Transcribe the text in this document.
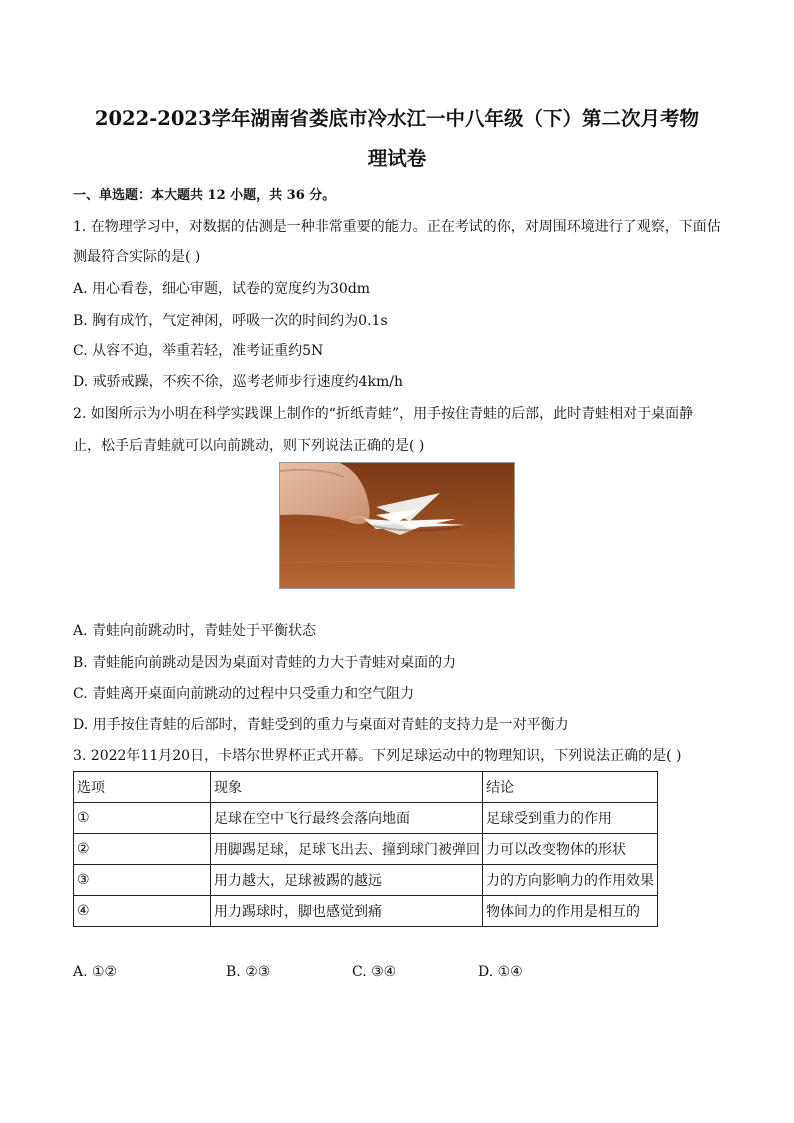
2022-2023学年湖南省娄底市冷水江一中八年级（下）第二次月考物
理试卷
一、单选题：本大题共 12 小题，共 36 分。
1. 在物理学习中，对数据的估测是一种非常重要的能力。正在考试的你，对周围环境进行了观察，下面估
测最符合实际的是( )
A. 用心看卷，细心审题，试卷的宽度约为30dm
B. 胸有成竹，气定神闲，呼吸一次的时间约为0.1s
C. 从容不迫，举重若轻，准考证重约5N
D. 戒骄戒躁，不疾不徐，巡考老师步行速度约4km/h
2. 如图所示为小明在科学实践课上制作的“折纸青蛙”，用手按住青蛙的后部，此时青蛙相对于桌面静
止，松手后青蛙就可以向前跳动，则下列说法正确的是( )
A. 青蛙向前跳动时，青蛙处于平衡状态
B. 青蛙能向前跳动是因为桌面对青蛙的力大于青蛙对桌面的力
C. 青蛙离开桌面向前跳动的过程中只受重力和空气阻力
D. 用手按住青蛙的后部时，青蛙受到的重力与桌面对青蛙的支持力是一对平衡力
3. 2022年11月20日，卡塔尔世界杯正式开幕。下列足球运动中的物理知识，下列说法正确的是( )
选项	现象	结论
①	足球在空中飞行最终会落向地面	足球受到重力的作用
②	用脚踢足球，足球飞出去、撞到球门被弹回	力可以改变物体的形状
③	用力越大，足球被踢的越远	力的方向影响力的作用效果
④	用力踢球时，脚也感觉到痛	物体间力的作用是相互的
A. ①②	B. ②③	C. ③④	D. ①④
